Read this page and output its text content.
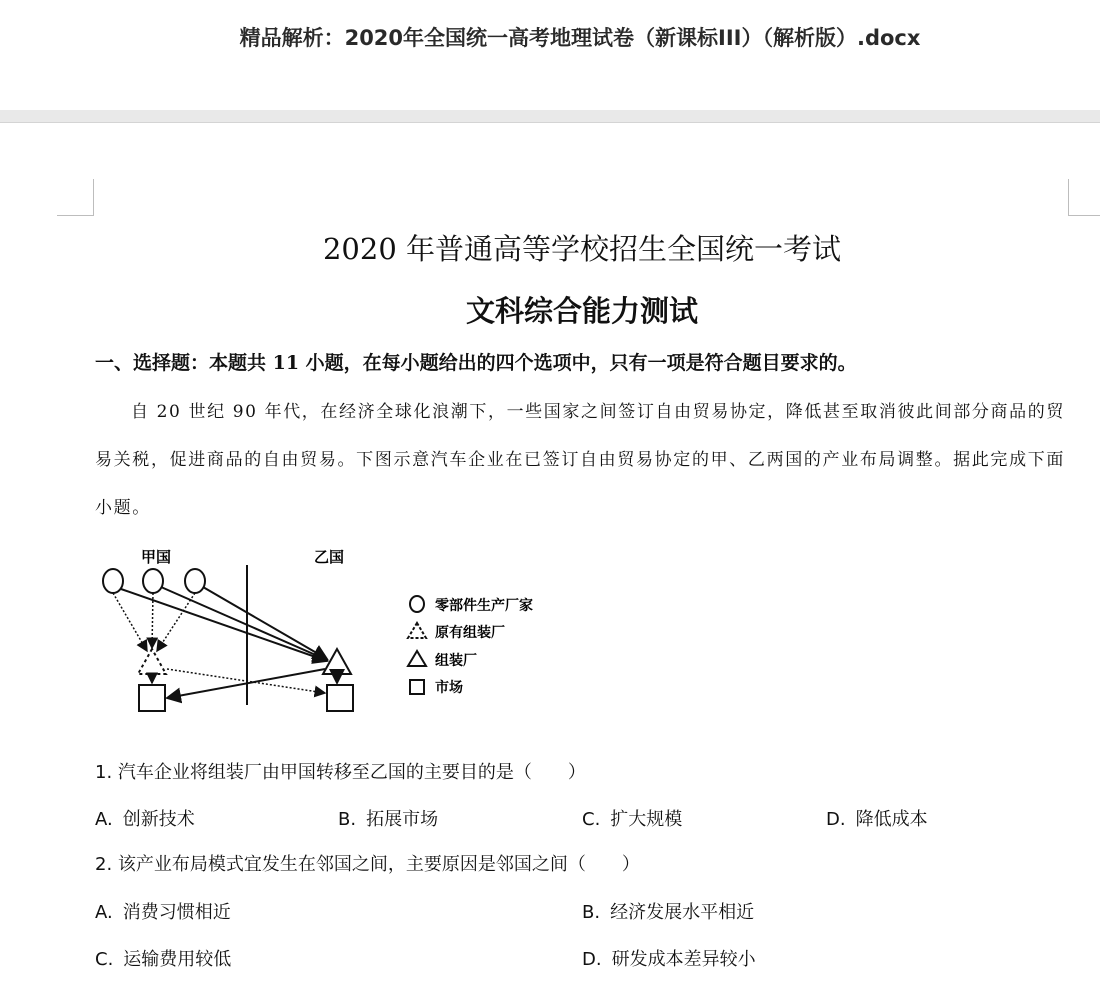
精品解析：2020年全国统一高考地理试卷（新课标III）（解析版）.docx
2020 年普通高等学校招生全国统一考试
文科综合能力测试
一、选择题：本题共 11 小题，在每小题给出的四个选项中，只有一项是符合题目要求的。
自 20 世纪 90 年代，在经济全球化浪潮下，一些国家之间签订自由贸易协定，降低甚至取消彼此间部分商品的贸易关税，促进商品的自由贸易。下图示意汽车企业在已签订自由贸易协定的甲、乙两国的产业布局调整。据此完成下面小题。
甲国	乙国
零部件生产厂家
原有组装厂
组装厂
市场
1. 汽车企业将组装厂由甲国转移至乙国的主要目的是（　　）
A. 创新技术	B. 拓展市场	C. 扩大规模	D. 降低成本
2. 该产业布局模式宜发生在邻国之间，主要原因是邻国之间（　　）
A. 消费习惯相近	B. 经济发展水平相近
C. 运输费用较低	D. 研发成本差异较小
